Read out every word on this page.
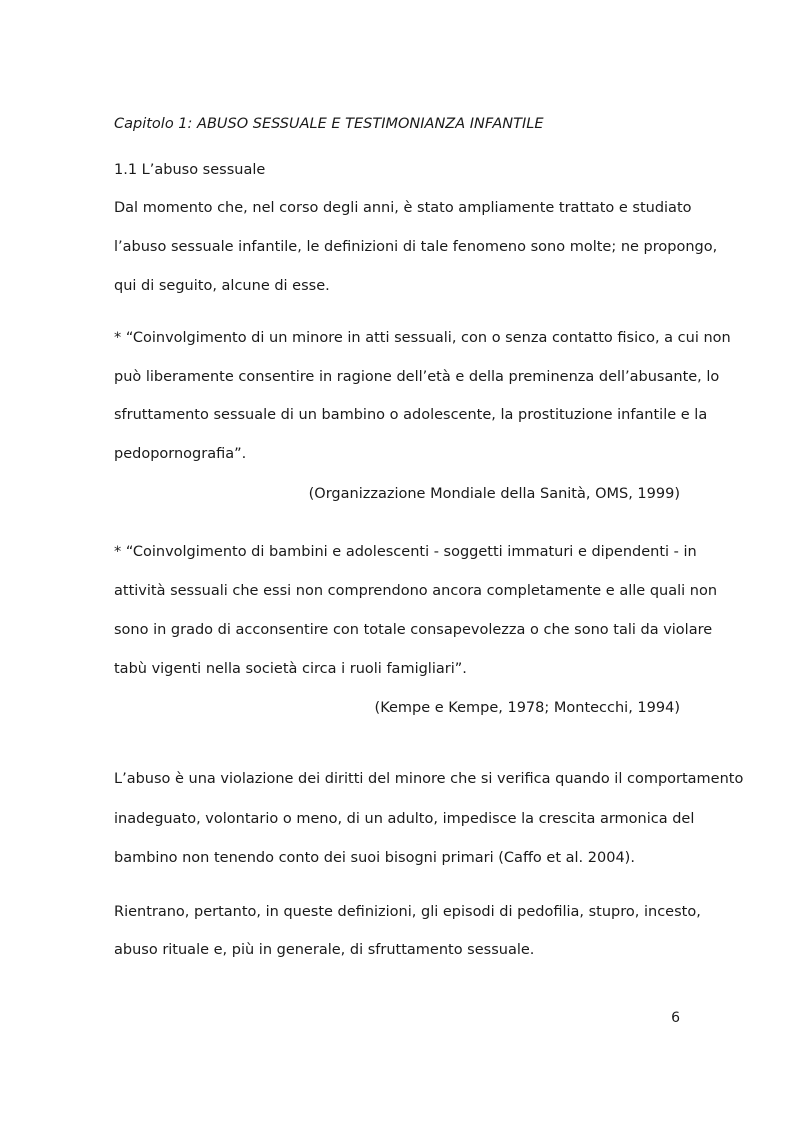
Capitolo 1: ABUSO SESSUALE E TESTIMONIANZA INFANTILE
1.1 L’abuso sessuale
Dal momento che, nel corso degli anni, è stato ampliamente trattato e studiato
l’abuso sessuale infantile, le definizioni di tale fenomeno sono molte; ne propongo,
qui di seguito, alcune di esse.
* “Coinvolgimento di un minore in atti sessuali, con o senza contatto fisico, a cui non
può liberamente consentire in ragione dell’età e della preminenza dell’abusante, lo
sfruttamento sessuale di un bambino o adolescente, la prostituzione infantile e la
pedopornografia”.
(Organizzazione Mondiale della Sanità, OMS, 1999)
* “Coinvolgimento di bambini e adolescenti - soggetti immaturi e dipendenti - in
attività sessuali che essi non comprendono ancora completamente e alle quali non
sono in grado di acconsentire con totale consapevolezza o che sono tali da violare
tabù vigenti nella società circa i ruoli famigliari”.
(Kempe e Kempe, 1978; Montecchi, 1994)
L’abuso è una violazione dei diritti del minore che si verifica quando il comportamento
inadeguato, volontario o meno, di un adulto, impedisce la crescita armonica del
bambino non tenendo conto dei suoi bisogni primari (Caffo et al. 2004).
Rientrano, pertanto, in queste definizioni, gli episodi di pedofilia, stupro, incesto,
abuso rituale e, più in generale, di sfruttamento sessuale.
6
